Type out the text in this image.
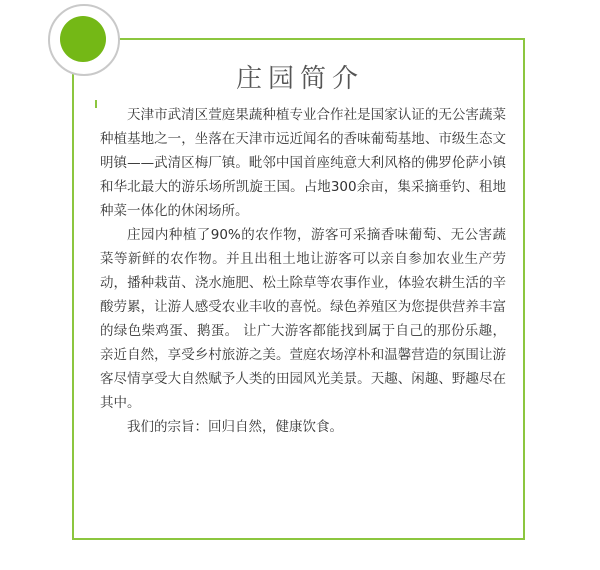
庄园简介

天津市武清区萱庭果蔬种植专业合作社是国家认证的无公害蔬菜种植基地之一，坐落在天津市远近闻名的香味葡萄基地、市级生态文明镇——武清区梅厂镇。毗邻中国首座纯意大利风格的佛罗伦萨小镇和华北最大的游乐场所凯旋王国。占地300余亩，集采摘垂钓、租地种菜一体化的休闲场所。

庄园内种植了90%的农作物，游客可采摘香味葡萄、无公害蔬菜等新鲜的农作物。并且出租土地让游客可以亲自参加农业生产劳动，播种栽苗、浇水施肥、松土除草等农事作业，体验农耕生活的辛酸劳累，让游人感受农业丰收的喜悦。绿色养殖区为您提供营养丰富的绿色柴鸡蛋、鹅蛋。 让广大游客都能找到属于自己的那份乐趣，亲近自然，享受乡村旅游之美。萱庭农场淳朴和温馨营造的氛围让游客尽情享受大自然赋予人类的田园风光美景。天趣、闲趣、野趣尽在其中。

我们的宗旨：回归自然，健康饮食。
